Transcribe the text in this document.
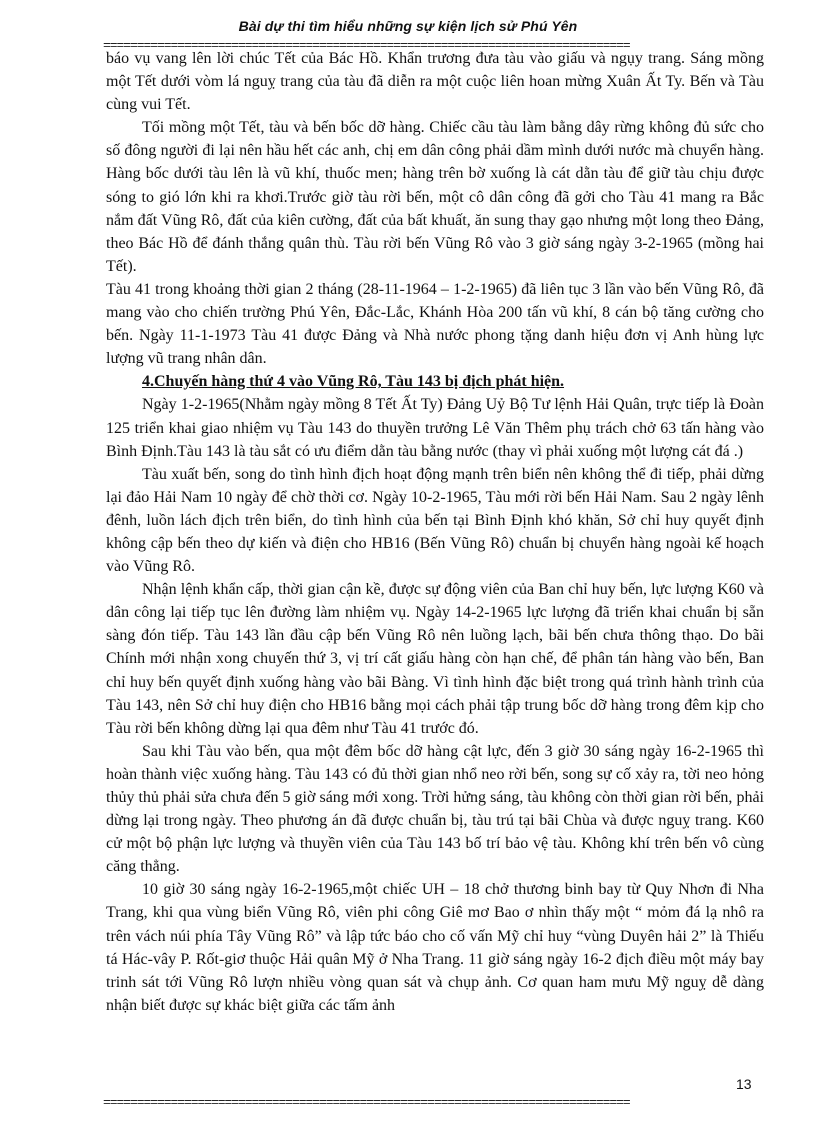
Bài dự thi tìm hiểu những sự kiện lịch sử Phú Yên
==============================================================================

báo vụ vang lên lời chúc Tết của Bác Hồ. Khẩn trương đưa tàu vào giấu và ngụy trang. Sáng mồng một Tết dưới vòm lá nguỵ trang của tàu đã diễn ra một cuộc liên hoan mừng Xuân Ất Ty. Bến và Tàu cùng vui Tết.

Tối mồng một Tết, tàu và bến bốc dỡ hàng. Chiếc cầu tàu làm bằng dây rừng không đủ sức cho số đông người đi lại nên hầu hết các anh, chị em dân công phải dầm mình dưới nước mà chuyển hàng. Hàng bốc dưới tàu lên là vũ khí, thuốc men; hàng trên bờ xuống là cát dằn tàu để giữ tàu chịu được sóng to gió lớn khi ra khơi.Trước giờ tàu rời bến, một cô dân công đã gởi cho Tàu 41 mang ra Bắc nắm đất Vũng Rô, đất của kiên cường, đất của bất khuất, ăn sung thay gạo nhưng một long theo Đảng, theo Bác Hồ để đánh thắng quân thù. Tàu rời bến Vũng Rô vào 3 giờ sáng ngày 3-2-1965 (mồng hai Tết).

Tàu 41 trong khoảng thời gian 2 tháng (28-11-1964 – 1-2-1965) đã liên tục 3 lần vào bến Vũng Rô, đã mang vào cho chiến trường Phú Yên, Đắc-Lắc, Khánh Hòa 200 tấn vũ khí, 8 cán bộ tăng cường cho bến. Ngày 11-1-1973 Tàu 41 được Đảng và Nhà nước phong tặng danh hiệu đơn vị Anh hùng lực lượng vũ trang nhân dân.

4.Chuyến hàng thứ 4 vào Vũng Rô, Tàu 143 bị địch phát hiện.

Ngày 1-2-1965(Nhằm ngày mồng 8 Tết Ất Ty) Đảng Uỷ Bộ Tư lệnh Hải Quân, trực tiếp là Đoàn 125 triển khai giao nhiệm vụ Tàu 143 do thuyền trưởng Lê Văn Thêm phụ trách chở 63 tấn hàng vào Bình Định.Tàu 143 là tàu sắt có ưu điểm dằn tàu bằng nước (thay vì phải xuống một lượng cát đá .)

Tàu xuất bến, song do tình hình địch hoạt động mạnh trên biển nên không thể đi tiếp, phải dừng lại đảo Hải Nam 10 ngày để chờ thời cơ. Ngày 10-2-1965, Tàu mới rời bến Hải Nam. Sau 2 ngày lênh đênh, luồn lách địch trên biển, do tình hình của bến tại Bình Định khó khăn, Sở chỉ huy quyết định không cập bến theo dự kiến và điện cho HB16 (Bến Vũng Rô) chuẩn bị chuyển hàng ngoài kế hoạch vào Vũng Rô.

Nhận lệnh khẩn cấp, thời gian cận kề, được sự động viên của Ban chỉ huy bến, lực lượng K60 và dân công lại tiếp tục lên đường làm nhiệm vụ. Ngày 14-2-1965 lực lượng đã triển khai chuẩn bị sẵn sàng đón tiếp. Tàu 143 lần đầu cập bến Vũng Rô nên luồng lạch, bãi bến chưa thông thạo. Do bãi Chính mới nhận xong chuyến thứ 3, vị trí cất giấu hàng còn hạn chế, để phân tán hàng vào bến, Ban chỉ huy bến quyết định xuống hàng vào bãi Bàng. Vì tình hình đặc biệt trong quá trình hành trình của Tàu 143, nên Sở chỉ huy điện cho HB16 bằng mọi cách phải tập trung bốc dỡ hàng trong đêm kịp cho Tàu rời bến không dừng lại qua đêm như Tàu 41 trước đó.

Sau khi Tàu vào bến, qua một đêm bốc dỡ hàng cật lực, đến 3 giờ 30 sáng ngày 16-2-1965 thì hoàn thành việc xuống hàng. Tàu 143 có đủ thời gian nhổ neo rời bến, song sự cố xảy ra, tời neo hỏng thủy thủ phải sửa chưa đến 5 giờ sáng mới xong. Trời hửng sáng, tàu không còn thời gian rời bến, phải dừng lại trong ngày. Theo phương án đã được chuẩn bị, tàu trú tại bãi Chùa và được nguỵ trang. K60 cử một bộ phận lực lượng và thuyền viên của Tàu 143 bố trí bảo vệ tàu. Không khí trên bến vô cùng căng thẳng.

10 giờ 30 sáng ngày 16-2-1965,một chiếc UH – 18 chở thương binh bay từ Quy Nhơn đi Nha Trang, khi qua vùng biển Vũng Rô, viên phi công Giê mơ Bao ơ nhìn thấy một “ mỏm đá lạ nhô ra trên vách núi phía Tây Vũng Rô” và lập tức báo cho cố vấn Mỹ chỉ huy “vùng Duyên hải 2” là Thiếu tá Hác-vây P. Rốt-giơ thuộc Hải quân Mỹ ở Nha Trang. 11 giờ sáng ngày 16-2 địch điều một máy bay trinh sát tới Vũng Rô lượn nhiều vòng quan sát và chụp ảnh. Cơ quan ham mưu Mỹ nguỵ dễ dàng nhận biết được sự khác biệt giữa các tấm ảnh

13
==============================================================================
